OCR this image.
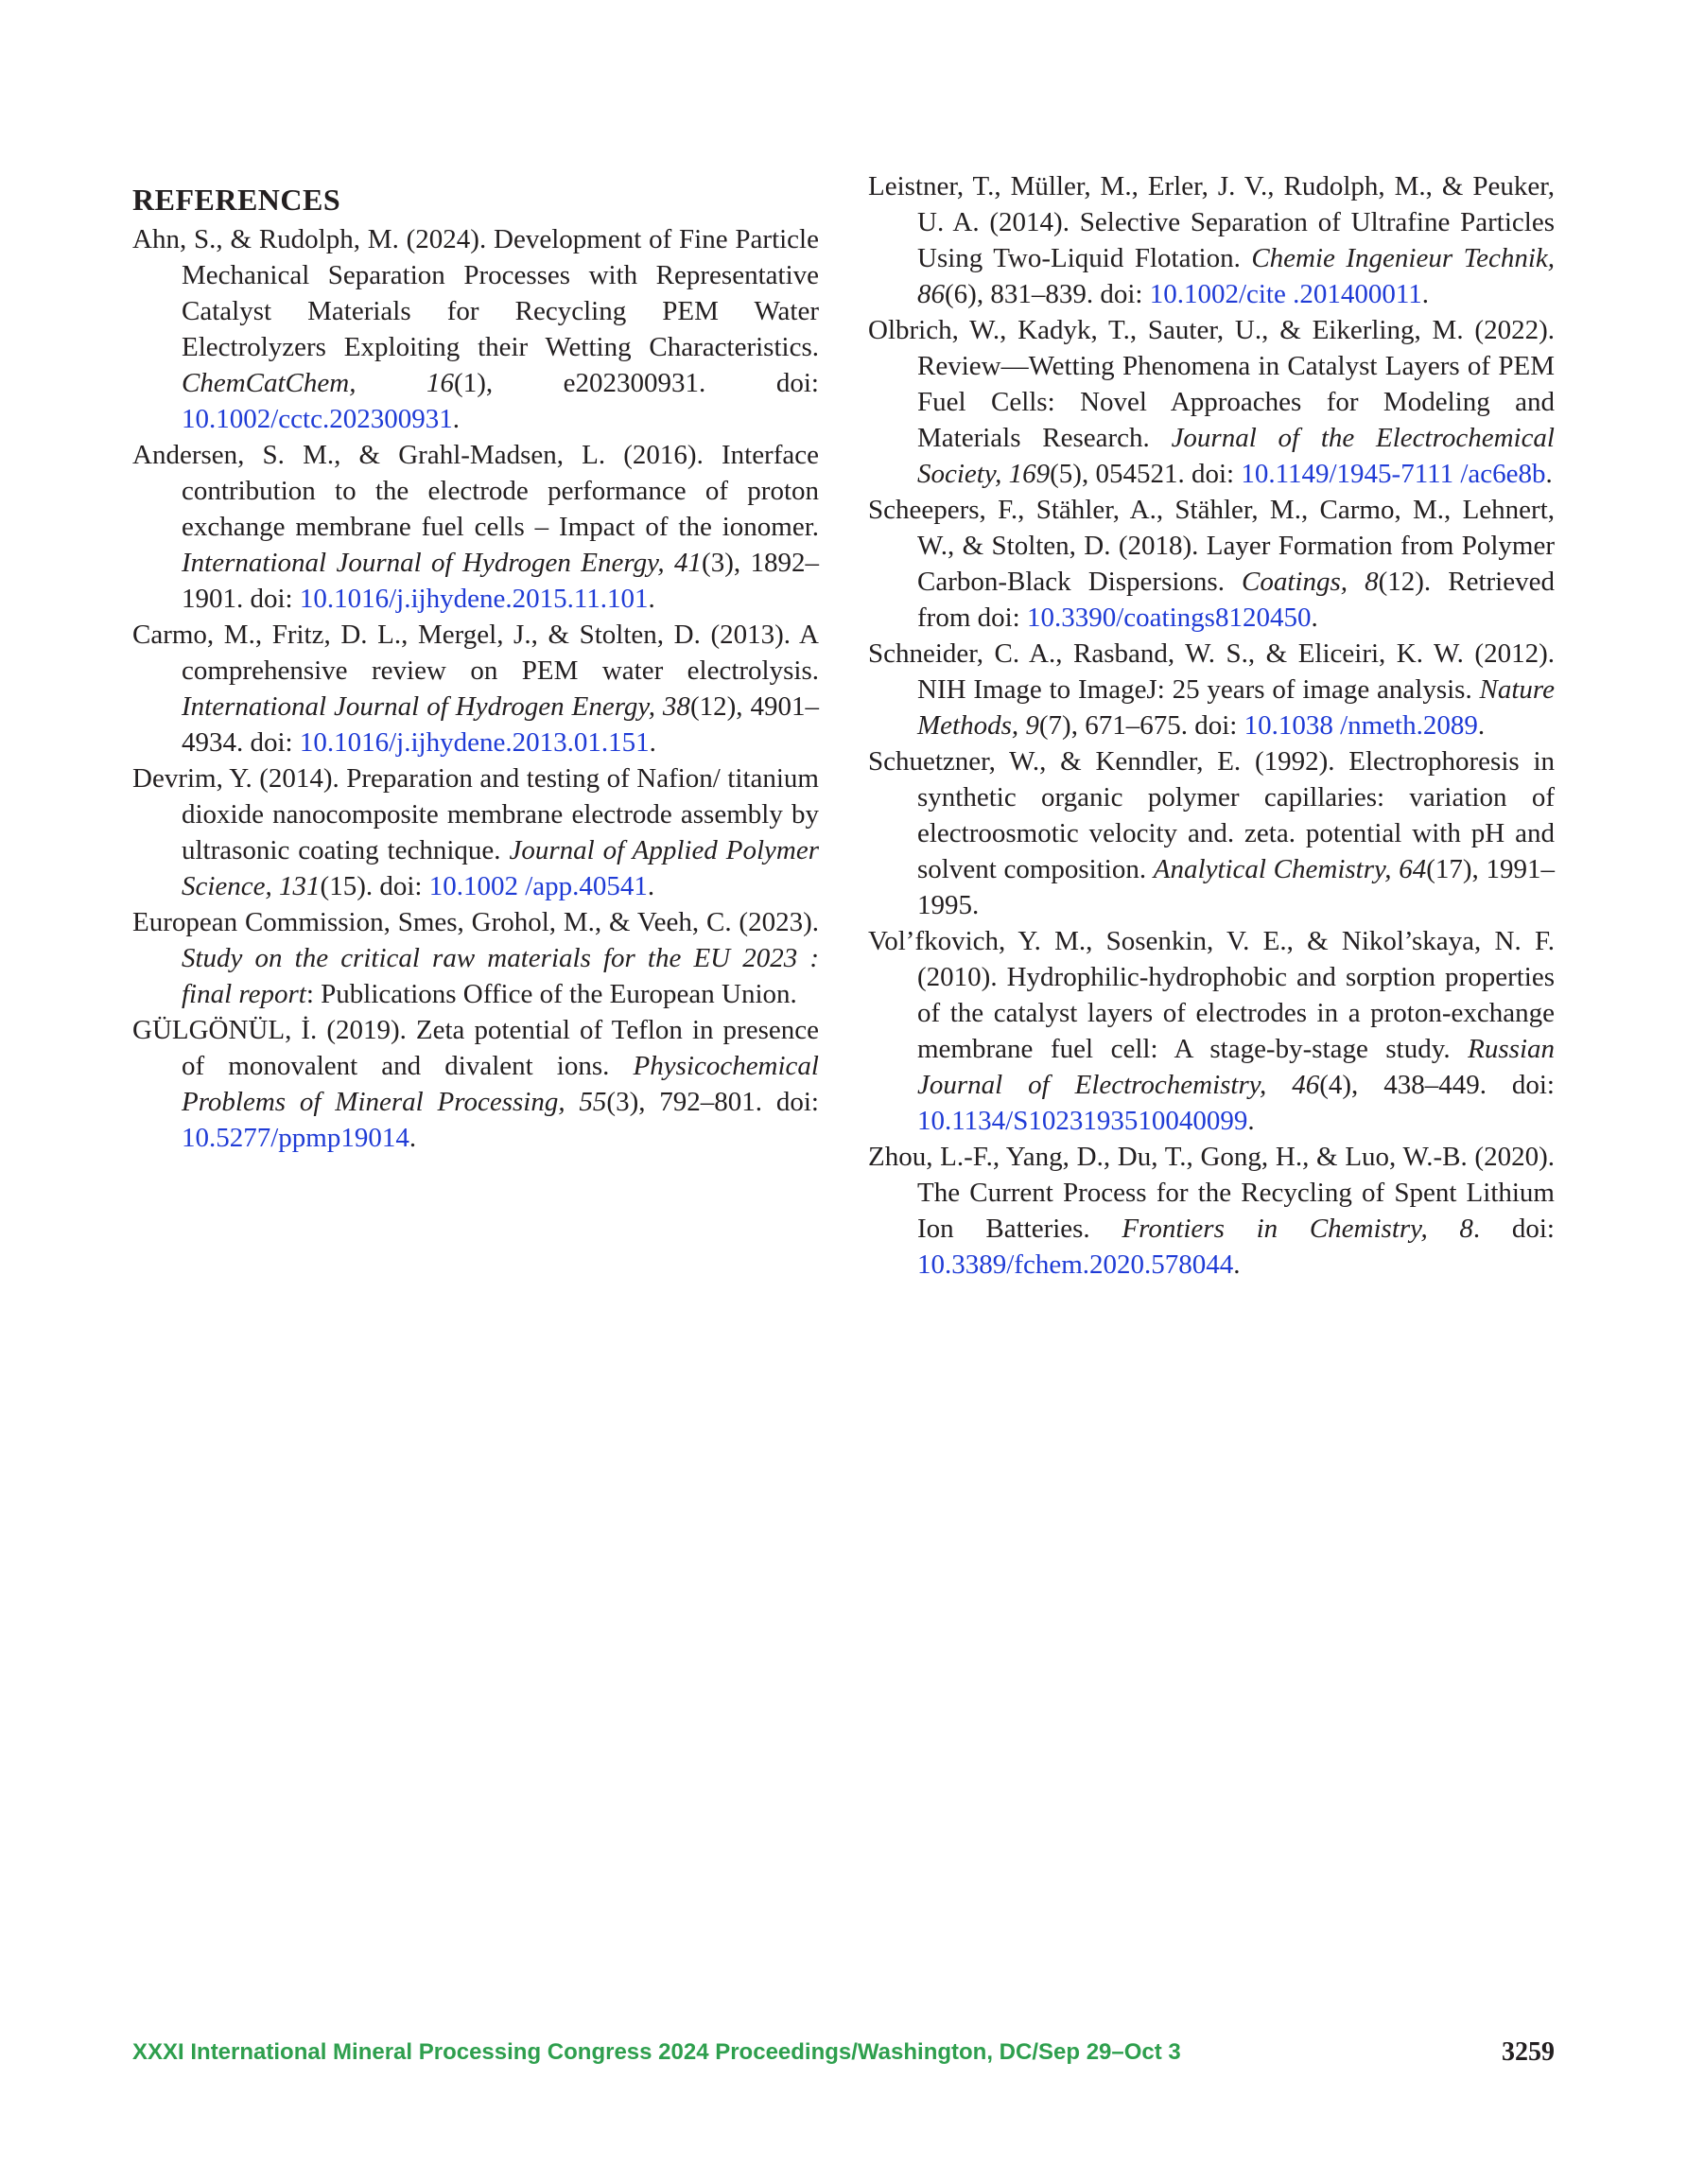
REFERENCES

Ahn, S., & Rudolph, M. (2024). Development of Fine Particle Mechanical Separation Processes with Representative Catalyst Materials for Recycling PEM Water Electrolyzers Exploiting their Wetting Characteristics. ChemCatChem, 16(1), e202300931. doi: 10.1002/cctc.202300931.

Andersen, S. M., & Grahl-Madsen, L. (2016). Interface contribution to the electrode performance of proton exchange membrane fuel cells – Impact of the ionomer. International Journal of Hydrogen Energy, 41(3), 1892–1901. doi: 10.1016/j.ijhydene.2015.11.101.

Carmo, M., Fritz, D. L., Mergel, J., & Stolten, D. (2013). A comprehensive review on PEM water electrolysis. International Journal of Hydrogen Energy, 38(12), 4901–4934. doi: 10.1016/j.ijhydene.2013.01.151.

Devrim, Y. (2014). Preparation and testing of Nafion/ titanium dioxide nanocomposite membrane electrode assembly by ultrasonic coating technique. Journal of Applied Polymer Science, 131(15). doi: 10.1002 /app.40541.

European Commission, Smes, Grohol, M., & Veeh, C. (2023). Study on the critical raw materials for the EU 2023 : final report: Publications Office of the European Union.

GÜLGÖNÜL, İ. (2019). Zeta potential of Teflon in presence of monovalent and divalent ions. Physicochemical Problems of Mineral Processing, 55(3), 792–801. doi: 10.5277/ppmp19014.

Leistner, T., Müller, M., Erler, J. V., Rudolph, M., & Peuker, U. A. (2014). Selective Separation of Ultrafine Particles Using Two-Liquid Flotation. Chemie Ingenieur Technik, 86(6), 831–839. doi: 10.1002/cite .201400011.

Olbrich, W., Kadyk, T., Sauter, U., & Eikerling, M. (2022). Review—Wetting Phenomena in Catalyst Layers of PEM Fuel Cells: Novel Approaches for Modeling and Materials Research. Journal of the Electrochemical Society, 169(5), 054521. doi: 10.1149/1945-7111 /ac6e8b.

Scheepers, F., Stähler, A., Stähler, M., Carmo, M., Lehnert, W., & Stolten, D. (2018). Layer Formation from Polymer Carbon-Black Dispersions. Coatings, 8(12). Retrieved from doi: 10.3390/coatings8120450.

Schneider, C. A., Rasband, W. S., & Eliceiri, K. W. (2012). NIH Image to ImageJ: 25 years of image analysis. Nature Methods, 9(7), 671–675. doi: 10.1038 /nmeth.2089.

Schuetzner, W., & Kenndler, E. (1992). Electrophoresis in synthetic organic polymer capillaries: variation of electroosmotic velocity and. zeta. potential with pH and solvent composition. Analytical Chemistry, 64(17), 1991–1995.

Vol’fkovich, Y. M., Sosenkin, V. E., & Nikol’skaya, N. F. (2010). Hydrophilic-hydrophobic and sorption properties of the catalyst layers of electrodes in a proton-exchange membrane fuel cell: A stage-by-stage study. Russian Journal of Electrochemistry, 46(4), 438–449. doi: 10.1134/S1023193510040099.

Zhou, L.-F., Yang, D., Du, T., Gong, H., & Luo, W.-B. (2020). The Current Process for the Recycling of Spent Lithium Ion Batteries. Frontiers in Chemistry, 8. doi: 10.3389/fchem.2020.578044.

XXXI International Mineral Processing Congress 2024 Proceedings/Washington, DC/Sep 29–Oct 3	3259
